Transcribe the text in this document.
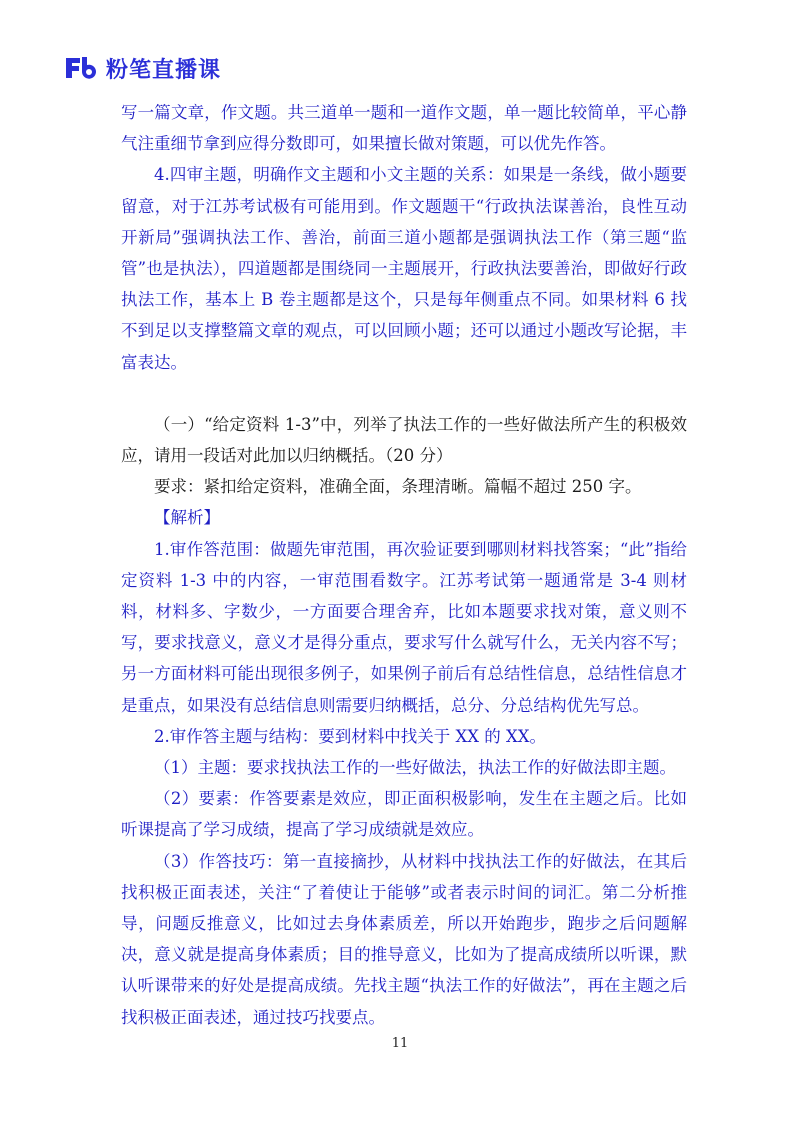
粉笔直播课

写一篇文章，作文题。共三道单一题和一道作文题，单一题比较简单，平心静气注重细节拿到应得分数即可，如果擅长做对策题，可以优先作答。

4.四审主题，明确作文主题和小文主题的关系：如果是一条线，做小题要留意，对于江苏考试极有可能用到。作文题题干“行政执法谋善治，良性互动开新局”强调执法工作、善治，前面三道小题都是强调执法工作（第三题“监管”也是执法），四道题都是围绕同一主题展开，行政执法要善治，即做好行政执法工作，基本上 B 卷主题都是这个，只是每年侧重点不同。如果材料 6 找不到足以支撑整篇文章的观点，可以回顾小题；还可以通过小题改写论据，丰富表达。

（一）“给定资料 1-3”中，列举了执法工作的一些好做法所产生的积极效应，请用一段话对此加以归纳概括。（20 分）

要求：紧扣给定资料，准确全面，条理清晰。篇幅不超过 250 字。

【解析】

1.审作答范围：做题先审范围，再次验证要到哪则材料找答案；“此”指给定资料 1-3 中的内容，一审范围看数字。江苏考试第一题通常是 3-4 则材料，材料多、字数少，一方面要合理舍弃，比如本题要求找对策，意义则不写，要求找意义，意义才是得分重点，要求写什么就写什么，无关内容不写；另一方面材料可能出现很多例子，如果例子前后有总结性信息，总结性信息才是重点，如果没有总结信息则需要归纳概括，总分、分总结构优先写总。

2.审作答主题与结构：要到材料中找关于 XX 的 XX。

（1）主题：要求找执法工作的一些好做法，执法工作的好做法即主题。

（2）要素：作答要素是效应，即正面积极影响，发生在主题之后。比如听课提高了学习成绩，提高了学习成绩就是效应。

（3）作答技巧：第一直接摘抄，从材料中找执法工作的好做法，在其后找积极正面表述，关注“了着使让于能够”或者表示时间的词汇。第二分析推导，问题反推意义，比如过去身体素质差，所以开始跑步，跑步之后问题解决，意义就是提高身体素质；目的推导意义，比如为了提高成绩所以听课，默认听课带来的好处是提高成绩。先找主题“执法工作的好做法”，再在主题之后找积极正面表述，通过技巧找要点。

11
